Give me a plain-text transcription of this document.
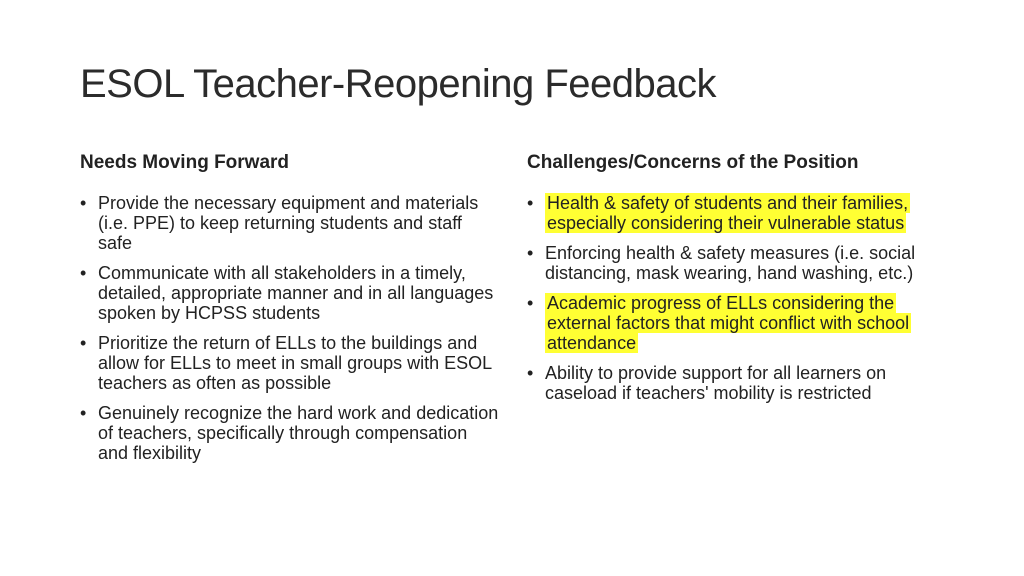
ESOL Teacher-Reopening Feedback
Needs Moving Forward
• Provide the necessary equipment and materials (i.e. PPE) to keep returning students and staff safe
• Communicate with all stakeholders in a timely, detailed, appropriate manner and in all languages spoken by HCPSS students
• Prioritize the return of ELLs to the buildings and allow for ELLs to meet in small groups with ESOL teachers as often as possible
• Genuinely recognize the hard work and dedication of teachers, specifically through compensation and flexibility
Challenges/Concerns of the Position
• Health & safety of students and their families, especially considering their vulnerable status
• Enforcing health & safety measures (i.e. social distancing, mask wearing, hand washing, etc.)
• Academic progress of ELLs considering the external factors that might conflict with school attendance
• Ability to provide support for all learners on caseload if teachers' mobility is restricted
